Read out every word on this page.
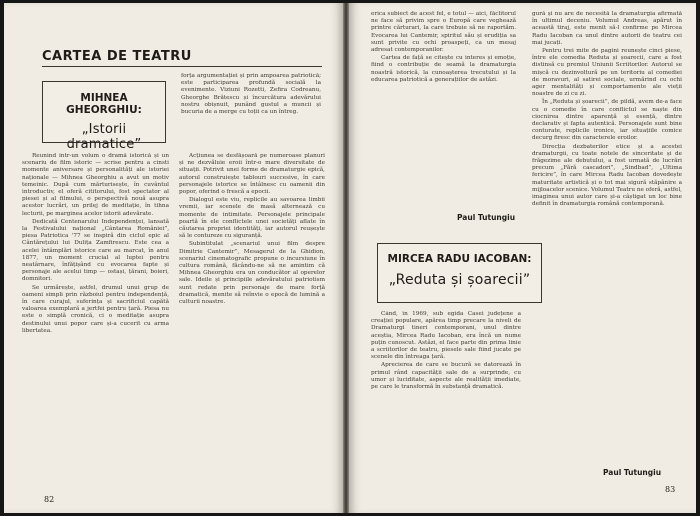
CARTEA DE TEATRU
MIHNEA GHEORGHIU:
„Istorii dramatice”

forța argumentației și prin ampoarea patriotică; este participarea profundă socială la evenimente. Viziuni Rozetti, Zefira Codreanu, Gheorghe Brătescu și încurcătura adevărului nostru obișnuit, punând gustul a muncii și bucuria de a merge cu toții ca un întreg.

Reunind într-un volum o dramă istorică și un scenariu de film istoric — scrise pentru a cinsti momente aniversare și personalități ale istoriei naționale — Mihnea Gheorghiu a avut un motiv temeinic. După cum mărturisește, în cuvântul introductiv, el oferă cititorului, fost spectator al piesei și al filmului, o perspectivă nouă asupra acestor lucrări, un prilej de meditație, în tihna lecturii, pe marginea acelor istorii adevărate.

Dedicată Centenarului Independenței, lansată la Festivalului național „Cântarea României”, piesa Patriotica '77 se inspiră din ciclul epic al Cântărețului lui Dulița Zamfirescu. Este cea a acelei întâmplări istorice care au marcat, în anul 1877, un moment crucial al luptei pentru neatârnare, înfățișând cu evocarea fapte și personaje ale acelui timp — ostași, țărani, boieri, domnitori.

Se urmărește, astfel, drumul unui grup de oameni simpli prin războiul pentru independență, în care curajul, suferința și sacrificiul capătă valoarea exemplară a jertfei pentru țară. Piesa nu este o simplă cronică, ci o meditație asupra destinului unui popor care și-a cucerit cu arma libertatea.

Acțiunea se desfășoară pe numeroase planuri și ne dezvăluie eroii într-o mare diversitate de situații. Potrivit unei forme de dramaturgie epică, autorul construiește tablouri succesive, în care personajele istorice se întâlnesc cu oamenii din popor, oferind o frescă a epocii.

Dialogul este viu, replicile au savoarea limbii vremii, iar scenele de masă alternează cu momente de intimitate. Personajele principale poartă în ele conflictele unei societăți aflate în căutarea propriei identități, iar autorul reușește să le contureze cu siguranță.

Subintitulat „scenariul unui film despre Dimitrie Cantemir”, Mesagerul de la Ghidion, scenariul cinematografic propune o incursiune în cultura română, făcându-ne să ne amintim că Mihnea Gheorghiu era un conducător al operelor sale. Ideile și principiile adevăratului patriotism sunt redate prin personaje de mare forță dramatică, menite să reînvie o epocă de lumină a culturii noastre.

82

erica subiect de acest fel, e totul — aici, făclitorul ne face să privim spre o Europă care veghează printre cărturari, la care trebuie să ne raportăm. Evocarea lui Cantemir, spiritul său și erudiția sa sunt privite cu ochi proaspeți, ca un mesaj adresat contemporanilor.

Cartea de față se citește cu interes și emoție, fiind o contribuție de seamă la dramaturgia noastră istorică, la cunoașterea trecutului și la educarea patriotică a generațiilor de astăzi.

Paul Tutungiu
MIRCEA RADU IACOBAN:
„Reduta și șoarecii”

Când, în 1969, sub egida Casei județene a creației populare, apărea timp precare la niveli de Dramaturgi tineri contemporani, unul dintre aceștia, Mircea Radu Iacoban, era încă un nume puțin cunoscut. Astăzi, el face parte din prima linie a scriitorilor de teatru, piesele sale fiind jucate pe scenele din întreaga țară.

Aprecierea de care se bucură se datorează în primul rând capacității sale de a surprinde, cu umor și luciditate, aspecte ale realității imediate, pe care le transformă în substanță dramatică.

gură și nu are de necesită la dramaturgia afirmată în ultimul deceniu. Volumul Andreas, apărut în această tiraj, este menit să-l confirme pe Mircea Radu Iacoban ca unul dintre autorii de teatru cei mai jucați.

Pentru trei mite de pagini reunește cinci piese, între ele comedia Reduta și șoarecii, care a fost distinsă cu premiul Uniunii Scriitorilor. Autorul se mișcă cu dezinvoltură pe un teritoriu al comediei de moravuri, al satirei sociale, urmărind cu ochi ager mentalități și comportamente ale vieții noastre de zi cu zi.

În „Reduta și șoarecii”, de pildă, avem de-a face cu o comedie în care conflictul se naște din ciocnirea dintre aparență și esență, dintre declarativ și fapta autentică. Personajele sunt bine conturate, replicile ironice, iar situațiile comice decurg firesc din caracterele eroilor.

Direcția dezbaterilor etice și a acestei dramaturgii, cu toate notele de sinceritate și de frăgezime ale debutului, a fost urmată de lucrări precum „Fără cascadori”, „Sindbad”, „Ultima fericire”, în care Mircea Radu Iacoban dovedește maturitate artistică și o tot mai sigură stăpânire a mijloacelor scenice. Volumul Teatru ne oferă, astfel, imaginea unui autor care și-a câștigat un loc bine definit în dramaturgia română contemporană.

Paul Tutungiu
83
